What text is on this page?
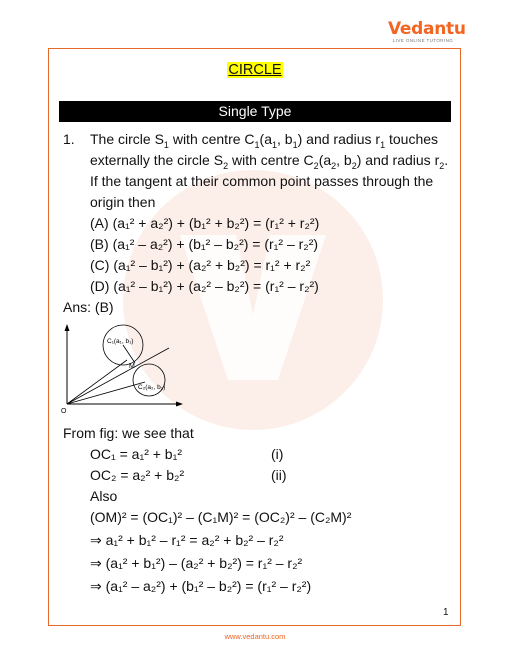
Vedantu
LIVE ONLINE TUTORING
CIRCLE
Single Type
1. The circle $S_1$ with centre $C_1(a_1$, $b_1$) and radius $r_1$ touches
externally the circle $S_2$ with centre $C_2(a_2$, $b_2$) and radius $r_2$.
If the tangent at their common point passes through the
origin then
(A) (a₁² + a₂²) + (b₁² + b₂²) = (r₁² + r₂²)
(B) (a₁² – a₂²) + (b₁² – b₂²) = (r₁² – r₂²)
(C) (a₁² – b₁²) + (a₂² + b₂²) = r₁² + r₂²
(D) (a₁² – b₁²) + (a₂² – b₂²) = (r₁² – r₂²)
Ans: (B)
C₁(a₁, b₁)
M
C₂(a₂, b₂)
O
From fig: we see that
OC₁ = a₁² + b₁²	(i)
OC₂ = a₂² + b₂²	(ii)
Also
(OM)² = (OC₁)² – (C₁M)² = (OC₂)² – (C₂M)²
⇒ a₁² + b₁² – r₁² = a₂² + b₂² – r₂²
⇒ (a₁² + b₁²) – (a₂² + b₂²) = r₁² – r₂²
⇒ (a₁² – a₂²) + (b₁² – b₂²) = (r₁² – r₂²)
1
www.vedantu.com
